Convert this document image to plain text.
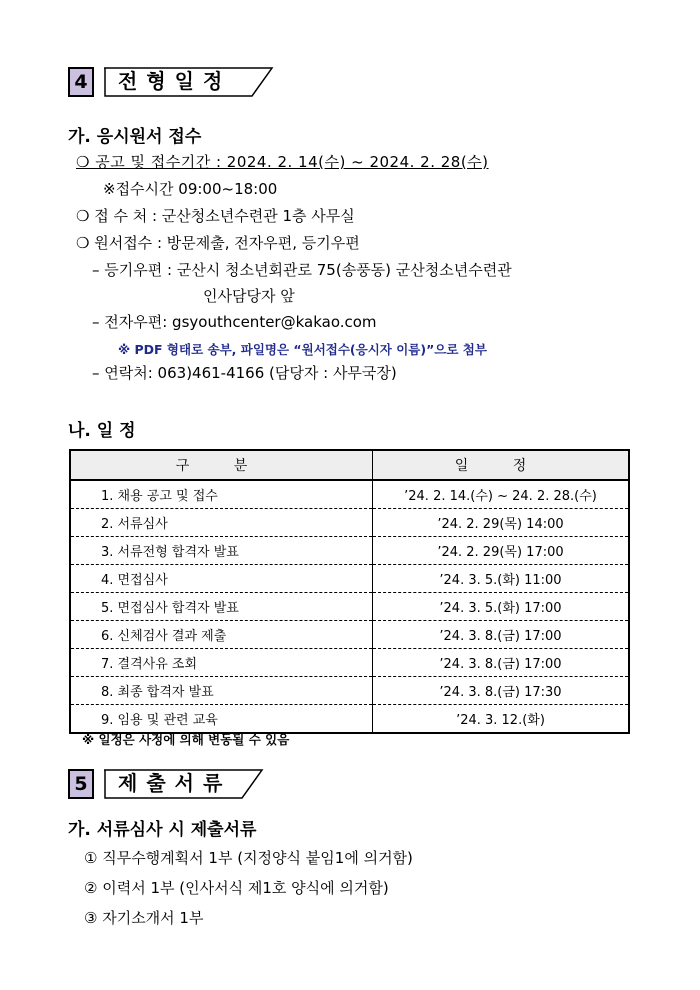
4	전형일정
가. 응시원서 접수
❍ 공고 및 접수기간 : 2024. 2. 14(수) ~ 2024. 2. 28(수)
※접수시간 09:00~18:00
❍ 접 수 처 : 군산청소년수련관 1층 사무실
❍ 원서접수 : 방문제출, 전자우편, 등기우편
– 등기우편 : 군산시 청소년회관로 75(송풍동) 군산청소년수련관
인사담당자 앞
– 전자우편: gsyouthcenter@kakao.com
※ PDF 형태로 송부, 파일명은 “원서접수(응시자 이름)”으로 첨부
– 연락처: 063)461-4166 (담당자 : 사무국장)
나. 일 정
구 분	일 정
1. 채용 공고 및 접수	’24. 2. 14.(수) ~ 24. 2. 28.(수)
2. 서류심사	’24. 2. 29(목) 14:00
3. 서류전형 합격자 발표	’24. 2. 29(목) 17:00
4. 면접심사	’24. 3. 5.(화) 11:00
5. 면접심사 합격자 발표	’24. 3. 5.(화) 17:00
6. 신체검사 결과 제출	’24. 3. 8.(금) 17:00
7. 결격사유 조회	’24. 3. 8.(금) 17:00
8. 최종 합격자 발표	’24. 3. 8.(금) 17:30
9. 임용 및 관련 교육	’24. 3. 12.(화)
※ 일정은 사정에 의해 변동될 수 있음
5	제출서류
가. 서류심사 시 제출서류
① 직무수행계획서 1부 (지정양식 붙임1에 의거함)
② 이력서 1부 (인사서식 제1호 양식에 의거함)
③ 자기소개서 1부
